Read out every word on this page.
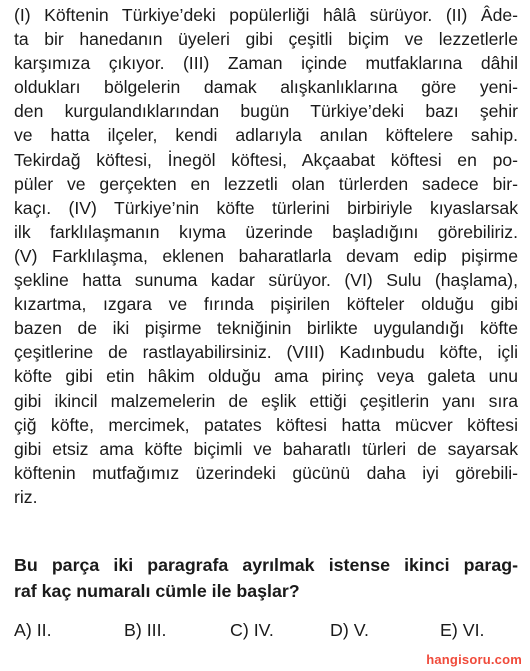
(I) Köftenin Türkiye’deki popülerliği hâlâ sürüyor. (II) Âde-
ta bir hanedanın üyeleri gibi çeşitli biçim ve lezzetlerle
karşımıza çıkıyor. (III) Zaman içinde mutfaklarına dâhil
oldukları bölgelerin damak alışkanlıklarına göre yeni-
den kurgulandıklarından bugün Türkiye’deki bazı şehir
ve hatta ilçeler, kendi adlarıyla anılan köftelere sahip.
Tekirdağ köftesi, İnegöl köftesi, Akçaabat köftesi en po-
püler ve gerçekten en lezzetli olan türlerden sadece bir-
kaçı. (IV) Türkiye’nin köfte türlerini birbiriyle kıyaslarsak
ilk farklılaşmanın kıyma üzerinde başladığını görebiliriz.
(V) Farklılaşma, eklenen baharatlarla devam edip pişirme
şekline hatta sunuma kadar sürüyor. (VI) Sulu (haşlama),
kızartma, ızgara ve fırında pişirilen köfteler olduğu gibi
bazen de iki pişirme tekniğinin birlikte uygulandığı köfte
çeşitlerine de rastlayabilirsiniz. (VIII) Kadınbudu köfte, içli
köfte gibi etin hâkim olduğu ama pirinç veya galeta unu
gibi ikincil malzemelerin de eşlik ettiği çeşitlerin yanı sıra
çiğ köfte, mercimek, patates köftesi hatta mücver köftesi
gibi etsiz ama köfte biçimli ve baharatlı türleri de sayarsak
köftenin mutfağımız üzerindeki gücünü daha iyi görebili-
riz.
Bu parça iki paragrafa ayrılmak istense ikinci parag-
raf kaç numaralı cümle ile başlar?
A) II.	B) III.	C) IV.	D) V.	E) VI.
hangisoru.com
